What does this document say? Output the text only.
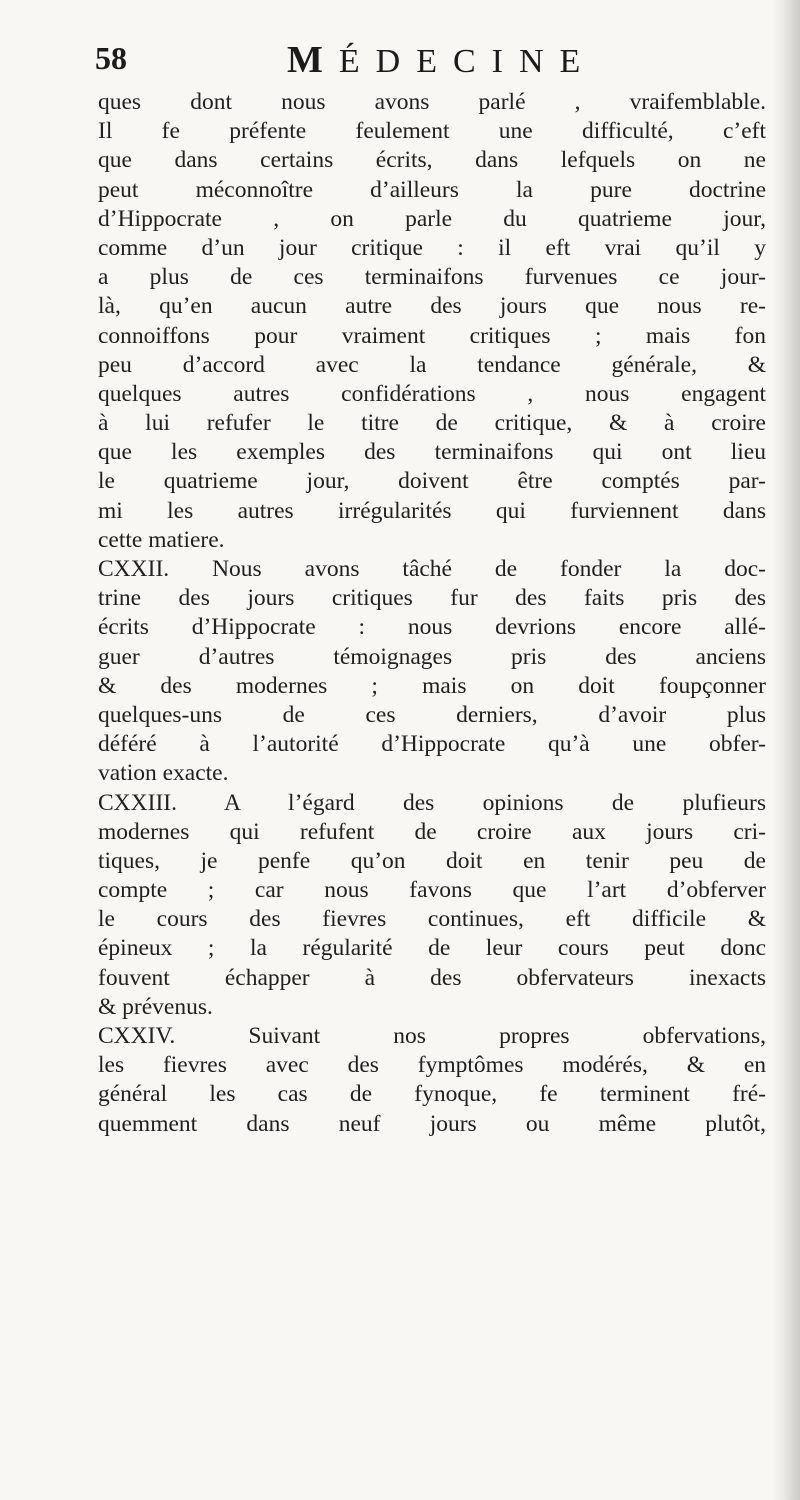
58	MÉDECINE
ques dont nous avons parlé , vraifemblable.
Il fe préfente feulement une difficulté, c’eft
que dans certains écrits, dans lefquels on ne
peut méconnoître d’ailleurs la pure doctrine
d’Hippocrate , on parle du quatrieme jour,
comme d’un jour critique : il eft vrai qu’il y
a plus de ces terminaifons furvenues ce jour-
là, qu’en aucun autre des jours que nous re-
connoiffons pour vraiment critiques ; mais fon
peu d’accord avec la tendance générale, &
quelques autres confidérations , nous engagent
à lui refufer le titre de critique, & à croire
que les exemples des terminaifons qui ont lieu
le quatrieme jour, doivent être comptés par-
mi les autres irrégularités qui furviennent dans
cette matiere.
CXXII. Nous avons tâché de fonder la doc-
trine des jours critiques fur des faits pris des
écrits d’Hippocrate : nous devrions encore allé-
guer d’autres témoignages pris des anciens
& des modernes ; mais on doit foupçonner
quelques-uns de ces derniers, d’avoir plus
déféré à l’autorité d’Hippocrate qu’à une obfer-
vation exacte.
CXXIII. A l’égard des opinions de plufieurs
modernes qui refufent de croire aux jours cri-
tiques, je penfe qu’on doit en tenir peu de
compte ; car nous favons que l’art d’obferver
le cours des fievres continues, eft difficile &
épineux ; la régularité de leur cours peut donc
fouvent échapper à des obfervateurs inexacts
& prévenus.
CXXIV. Suivant nos propres obfervations,
les fievres avec des fymptômes modérés, & en
général les cas de fynoque, fe terminent fré-
quemment dans neuf jours ou même plutôt,
